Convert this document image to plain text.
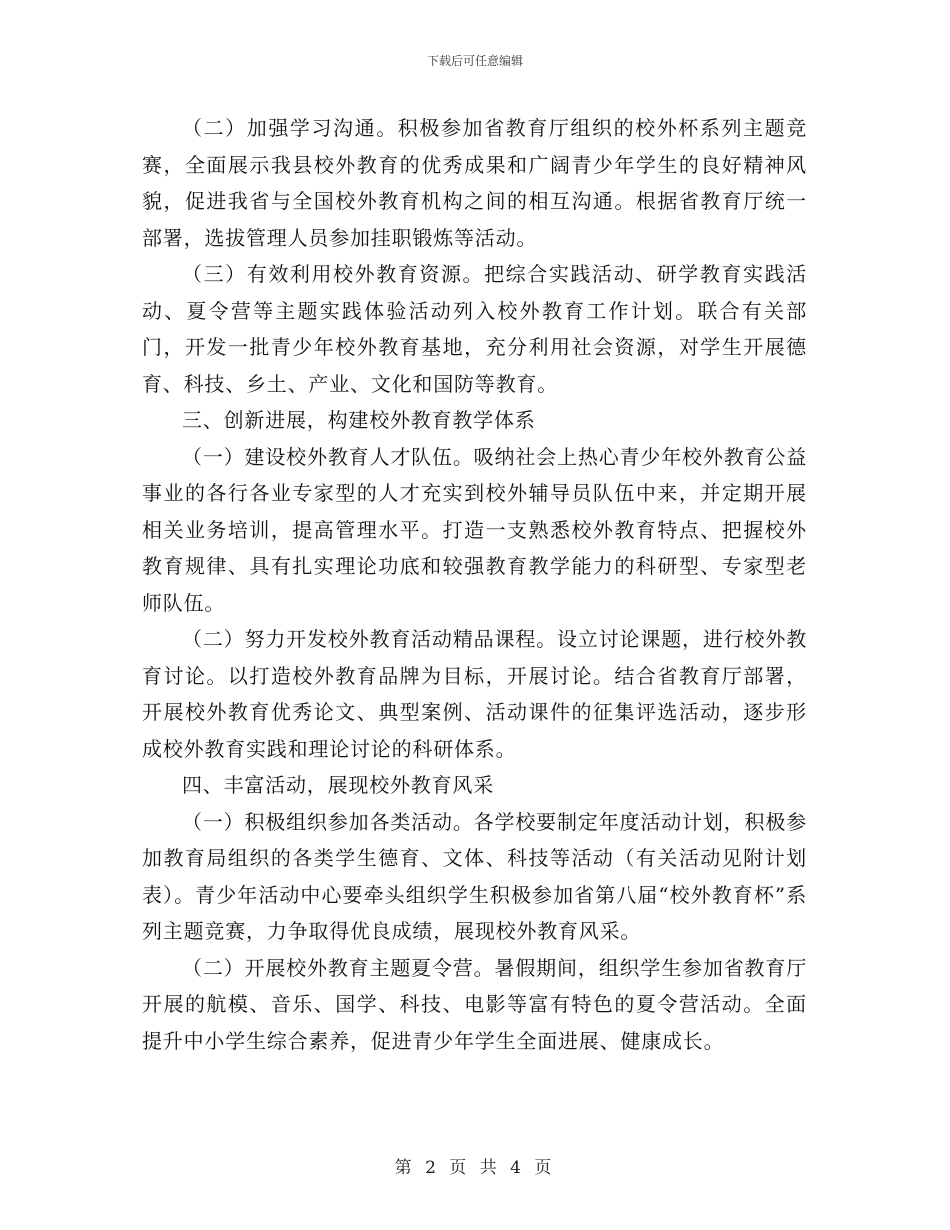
下载后可任意编辑

（二）加强学习沟通。积极参加省教育厅组织的校外杯系列主题竞赛，全面展示我县校外教育的优秀成果和广阔青少年学生的良好精神风貌，促进我省与全国校外教育机构之间的相互沟通。根据省教育厅统一部署，选拔管理人员参加挂职锻炼等活动。

（三）有效利用校外教育资源。把综合实践活动、研学教育实践活动、夏令营等主题实践体验活动列入校外教育工作计划。联合有关部门，开发一批青少年校外教育基地，充分利用社会资源，对学生开展德育、科技、乡土、产业、文化和国防等教育。

三、创新进展，构建校外教育教学体系

（一）建设校外教育人才队伍。吸纳社会上热心青少年校外教育公益事业的各行各业专家型的人才充实到校外辅导员队伍中来，并定期开展相关业务培训，提高管理水平。打造一支熟悉校外教育特点、把握校外教育规律、具有扎实理论功底和较强教育教学能力的科研型、专家型老师队伍。

（二）努力开发校外教育活动精品课程。设立讨论课题，进行校外教育讨论。以打造校外教育品牌为目标，开展讨论。结合省教育厅部署，开展校外教育优秀论文、典型案例、活动课件的征集评选活动，逐步形成校外教育实践和理论讨论的科研体系。

四、丰富活动，展现校外教育风采

（一）积极组织参加各类活动。各学校要制定年度活动计划，积极参加教育局组织的各类学生德育、文体、科技等活动（有关活动见附计划表）。青少年活动中心要牵头组织学生积极参加省第八届“校外教育杯”系列主题竞赛，力争取得优良成绩，展现校外教育风采。

（二）开展校外教育主题夏令营。暑假期间，组织学生参加省教育厅开展的航模、音乐、国学、科技、电影等富有特色的夏令营活动。全面提升中小学生综合素养，促进青少年学生全面进展、健康成长。

第 2 页 共 4 页
